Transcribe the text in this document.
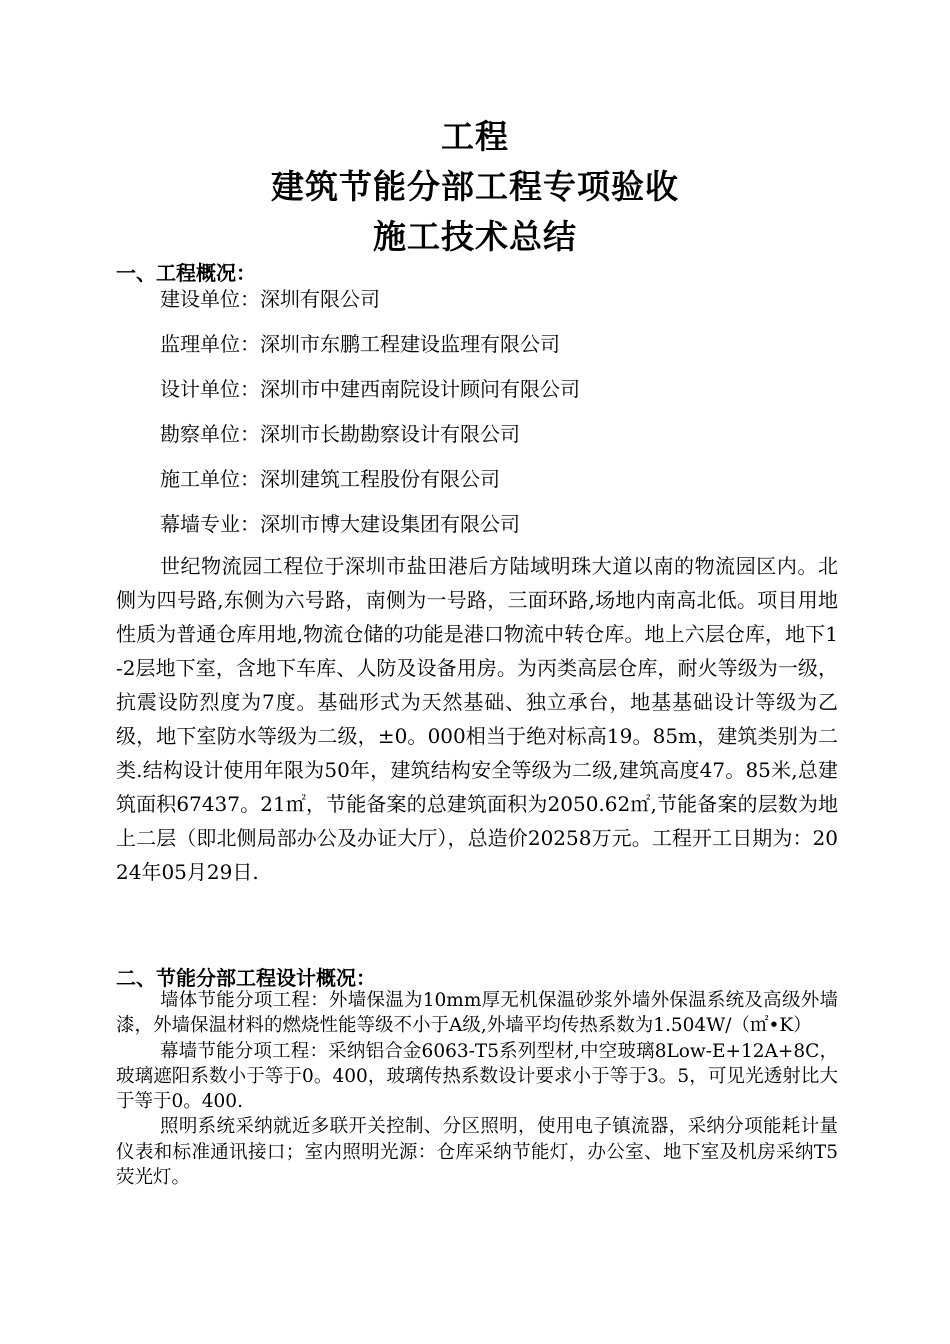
工程
建筑节能分部工程专项验收
施工技术总结
一、工程概况：
建设单位：深圳有限公司
监理单位：深圳市东鹏工程建设监理有限公司
设计单位：深圳市中建西南院设计顾问有限公司
勘察单位：深圳市长勘勘察设计有限公司
施工单位：深圳建筑工程股份有限公司
幕墙专业：深圳市博大建设集团有限公司

世纪物流园工程位于深圳市盐田港后方陆域明珠大道以南的物流园区内。北侧为四号路,东侧为六号路，南侧为一号路，三面环路,场地内南高北低。项目用地性质为普通仓库用地,物流仓储的功能是港口物流中转仓库。地上六层仓库，地下1-2层地下室，含地下车库、人防及设备用房。为丙类高层仓库，耐火等级为一级，抗震设防烈度为7度。基础形式为天然基础、独立承台，地基基础设计等级为乙级，地下室防水等级为二级，±0。000相当于绝对标高19。85m，建筑类别为二类.结构设计使用年限为50年，建筑结构安全等级为二级,建筑高度47。85米,总建筑面积67437。21㎡，节能备案的总建筑面积为2050.62㎡,节能备案的层数为地上二层（即北侧局部办公及办证大厅），总造价20258万元。工程开工日期为：2024年05月29日.

二、节能分部工程设计概况：

墙体节能分项工程：外墙保温为10mm厚无机保温砂浆外墙外保温系统及高级外墙漆，外墙保温材料的燃烧性能等级不小于A级,外墙平均传热系数为1.504W/（㎡•K）

幕墙节能分项工程：采纳铝合金6063-T5系列型材,中空玻璃8Low-E+12A+8C，玻璃遮阳系数小于等于0。400，玻璃传热系数设计要求小于等于3。5，可见光透射比大于等于0。400.

照明系统采纳就近多联开关控制、分区照明，使用电子镇流器，采纳分项能耗计量仪表和标准通讯接口；室内照明光源：仓库采纳节能灯，办公室、地下室及机房采纳T5荧光灯。
